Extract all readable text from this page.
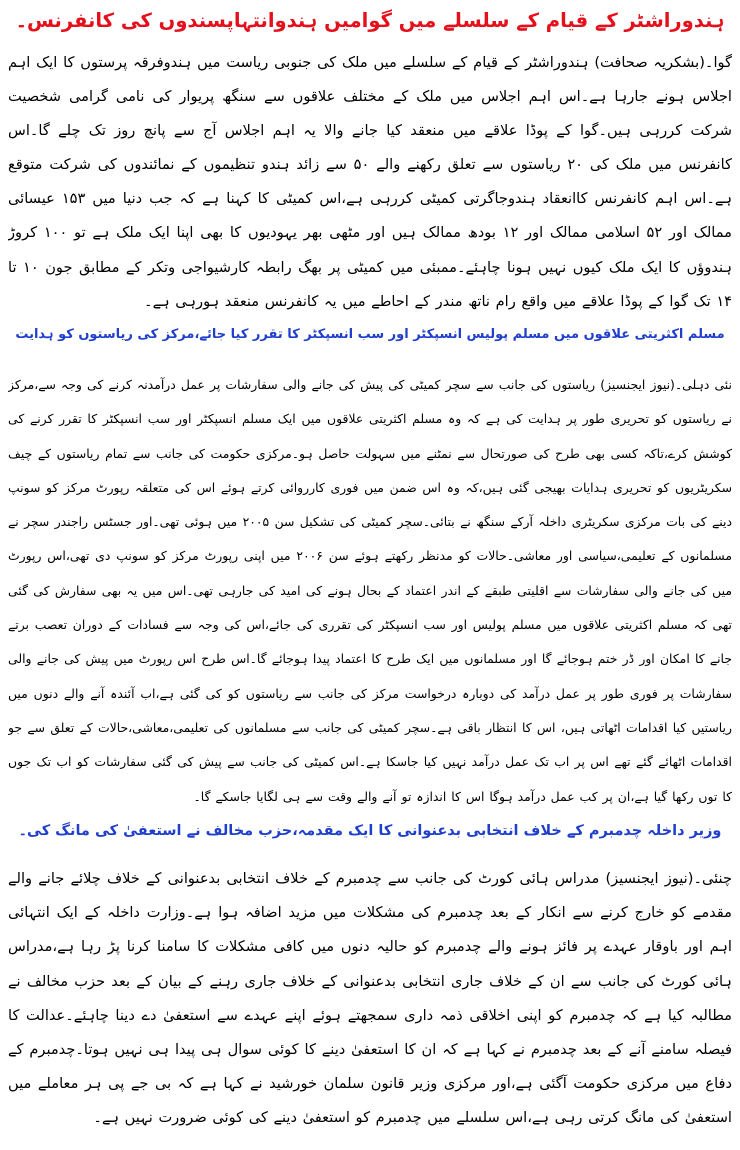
ہندوراشٹر کے قیام کے سلسلے میں گوامیں ہندوانتہاپسندوں کی کانفرنس۔

گوا۔(بشکریہ صحافت) ہندوراشٹر کے قیام کے سلسلے میں ملک کی جنوبی ریاست میں ہندوفرقہ پرستوں کا ایک اہم اجلاس ہونے جارہا ہے۔اس اہم اجلاس میں ملک کے مختلف علاقوں سے سنگھ پریوار کی نامی گرامی شخصیت شرکت کررہی ہیں۔گوا کے پوڈا علاقے میں منعقد کیا جانے والا یہ اہم اجلاس آج سے پانچ روز تک چلے گا۔اس کانفرنس میں ملک کی ۲۰ ریاستوں سے تعلق رکھنے والے ۵۰ سے زائد ہندو تنظیموں کے نمائندوں کی شرکت متوقع ہے۔اس اہم کانفرنس کاانعقاد ہندوجاگرتی کمیٹی کررہی ہے،اس کمیٹی کا کہنا ہے کہ جب دنیا میں ۱۵۳ عیسائی ممالک اور ۵۲ اسلامی ممالک اور ۱۲ بودھ ممالک ہیں اور مٹھی بھر یہودیوں کا بھی اپنا ایک ملک ہے تو ۱۰۰ کروڑ ہندوؤں کا ایک ملک کیوں نہیں ہونا چاہئے۔ممبئی میں کمیٹی پر بھگ رابطہ کارشیواجی وتکر کے مطابق جون ۱۰ تا ۱۴ تک گوا کے پوڈا علاقے میں واقع رام ناتھ مندر کے احاطے میں یہ کانفرنس منعقد ہورہی ہے۔

مسلم اکثریتی علاقوں میں مسلم پولیس انسپکٹر اور سب انسپکٹر کا تقرر کیا جائے،مرکز کی ریاستوں کو ہدایت

نئی دہلی۔(نیوز ایجنسیز) ریاستوں کی جانب سے سچر کمیٹی کی پیش کی جانے والی سفارشات پر عمل درآمدنہ کرنے کی وجہ سے،مرکز نے ریاستوں کو تحریری طور پر ہدایت کی ہے کہ وہ مسلم اکثریتی علاقوں میں ایک مسلم انسپکٹر اور سب انسپکٹر کا تقرر کرنے کی کوشش کرے،تاکہ کسی بھی طرح کی صورتحال سے نمٹنے میں سہولت حاصل ہو۔مرکزی حکومت کی جانب سے تمام ریاستوں کے چیف سکریٹریوں کو تحریری ہدایات بھیجی گئی ہیں،کہ وہ اس ضمن میں فوری کارروائی کرتے ہوئے اس کی متعلقہ رپورٹ مرکز کو سونپ دینے کی بات مرکزی سکریٹری داخلہ آرکے سنگھ نے بتائی۔سچر کمیٹی کی تشکیل سن ۲۰۰۵ میں ہوئی تھی۔اور جسٹس راجندر سچر نے مسلمانوں کے تعلیمی،سیاسی اور معاشی۔حالات کو مدنظر رکھتے ہوئے سن ۲۰۰۶ میں اپنی رپورٹ مرکز کو سونپ دی تھی،اس رپورٹ میں کی جانے والی سفارشات سے اقلیتی طبقے کے اندر اعتماد کے بحال ہونے کی امید کی جارہی تھی۔اس میں یہ بھی سفارش کی گئی تھی کہ مسلم اکثریتی علاقوں میں مسلم پولیس اور سب انسپکٹر کی تقرری کی جائے،اس کی وجہ سے فسادات کے دوران تعصب برتے جانے کا امکان اور ڈر ختم ہوجائے گا اور مسلمانوں میں ایک طرح کا اعتماد پیدا ہوجائے گا۔اس طرح اس رپورٹ میں پیش کی جانے والی سفارشات پر فوری طور پر عمل درآمد کی دوبارہ درخواست مرکز کی جانب سے ریاستوں کو کی گئی ہے،اب آئندہ آنے والے دنوں میں ریاستیں کیا اقدامات اٹھاتی ہیں، اس کا انتظار باقی ہے۔سچر کمیٹی کی جانب سے مسلمانوں کی تعلیمی،معاشی،حالات کے تعلق سے جو اقدامات اٹھائے گئے تھے اس پر اب تک عمل درآمد نہیں کیا جاسکا ہے۔اس کمیٹی کی جانب سے پیش کی گئی سفارشات کو اب تک جوں کا توں رکھا گیا ہے،ان پر کب عمل درآمد ہوگا اس کا اندازہ تو آنے والے وقت سے ہی لگایا جاسکے گا۔

وزیر داخلہ چدمبرم کے خلاف انتخابی بدعنوانی کا ایک مقدمہ،حزب مخالف نے استعفیٰ کی مانگ کی۔

چنئی۔(نیوز ایجنسیز) مدراس ہائی کورٹ کی جانب سے چدمبرم کے خلاف انتخابی بدعنوانی کے خلاف چلائے جانے والے مقدمے کو خارج کرنے سے انکار کے بعد چدمبرم کی مشکلات میں مزید اضافہ ہوا ہے۔وزارت داخلہ کے ایک انتہائی اہم اور باوقار عہدے پر فائز ہونے والے چدمبرم کو حالیہ دنوں میں کافی مشکلات کا سامنا کرنا پڑ رہا ہے،مدراس ہائی کورٹ کی جانب سے ان کے خلاف جاری انتخابی بدعنوانی کے خلاف جاری رہنے کے بیان کے بعد حزب مخالف نے مطالبہ کیا ہے کہ چدمبرم کو اپنی اخلاقی ذمہ داری سمجھتے ہوئے اپنے عہدے سے استعفیٰ دے دینا چاہئے۔عدالت کا فیصلہ سامنے آنے کے بعد چدمبرم نے کہا ہے کہ ان کا استعفیٰ دینے کا کوئی سوال ہی پیدا ہی نہیں ہوتا۔چدمبرم کے دفاع میں مرکزی حکومت آگئی ہے،اور مرکزی وزیر قانون سلمان خورشید نے کہا ہے کہ بی جے پی ہر معاملے میں استعفیٰ کی مانگ کرتی رہی ہے،اس سلسلے میں چدمبرم کو استعفیٰ دینے کی کوئی ضرورت نہیں ہے۔
